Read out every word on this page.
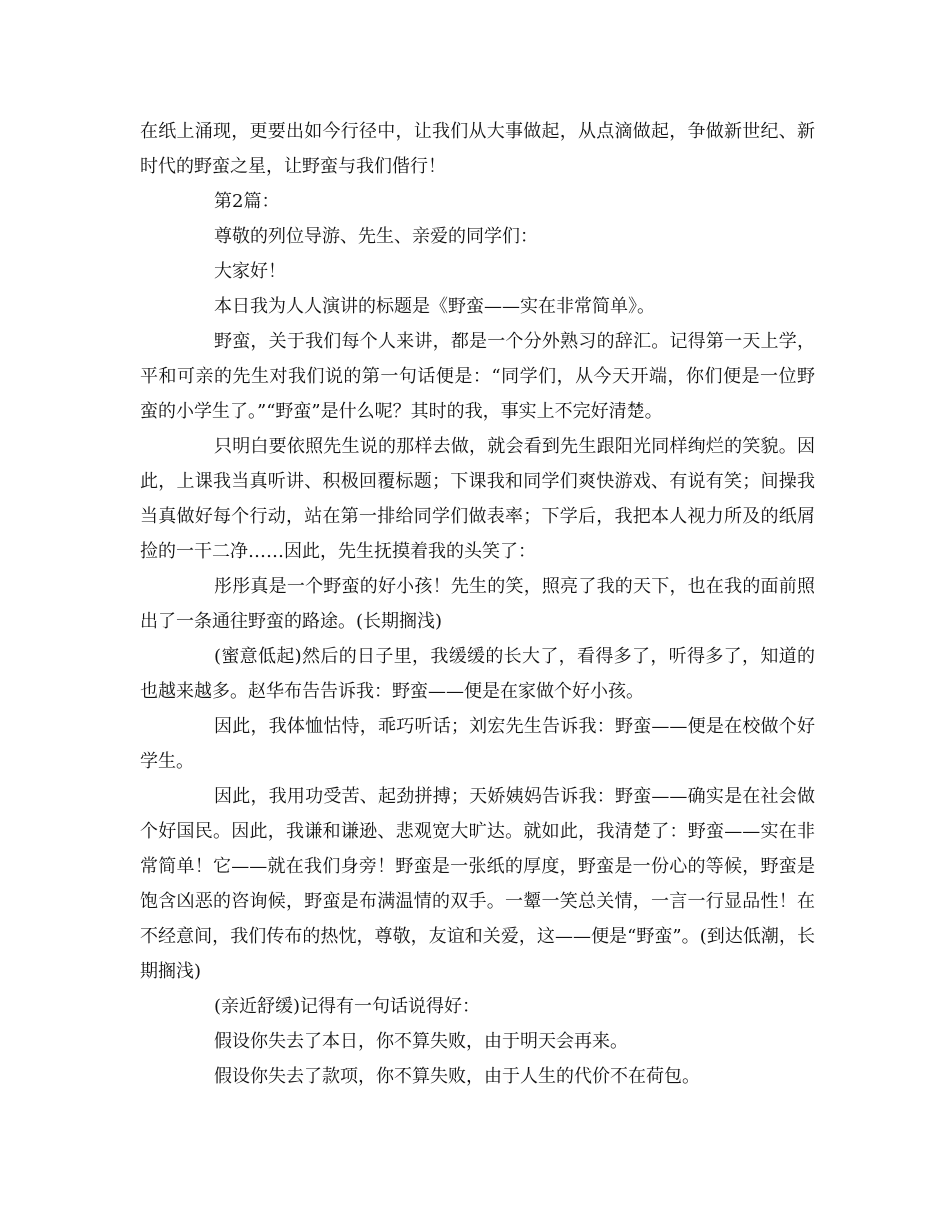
在纸上涌现，更要出如今行径中，让我们从大事做起，从点滴做起，争做新世纪、新时代的野蛮之星，让野蛮与我们偕行！

第2篇：

尊敬的列位导游、先生、亲爱的同学们：

大家好！

本日我为人人演讲的标题是《野蛮——实在非常简单》。

野蛮，关于我们每个人来讲，都是一个分外熟习的辞汇。记得第一天上学，平和可亲的先生对我们说的第一句话便是：“同学们，从今天开端，你们便是一位野蛮的小学生了。”“野蛮”是什么呢？其时的我，事实上不完好清楚。

只明白要依照先生说的那样去做，就会看到先生跟阳光同样绚烂的笑貌。因此，上课我当真听讲、积极回覆标题；下课我和同学们爽快游戏、有说有笑；间操我当真做好每个行动，站在第一排给同学们做表率；下学后，我把本人视力所及的纸屑捡的一干二净……因此，先生抚摸着我的头笑了：

彤彤真是一个野蛮的好小孩！先生的笑，照亮了我的天下，也在我的面前照出了一条通往野蛮的路途。(长期搁浅)

(蜜意低起)然后的日子里，我缓缓的长大了，看得多了，听得多了，知道的也越来越多。赵华布告告诉我：野蛮——便是在家做个好小孩。

因此，我体恤怙恃，乖巧听话；刘宏先生告诉我：野蛮——便是在校做个好学生。

因此，我用功受苦、起劲拼搏；天娇姨妈告诉我：野蛮——确实是在社会做个好国民。因此，我谦和谦逊、悲观宽大旷达。就如此，我清楚了：野蛮——实在非常简单！它——就在我们身旁！野蛮是一张纸的厚度，野蛮是一份心的等候，野蛮是饱含凶恶的咨询候，野蛮是布满温情的双手。一颦一笑总关情，一言一行显品性！在不经意间，我们传布的热忱，尊敬，友谊和关爱，这——便是“野蛮”。(到达低潮，长期搁浅)

(亲近舒缓)记得有一句话说得好：

假设你失去了本日，你不算失败，由于明天会再来。

假设你失去了款项，你不算失败，由于人生的代价不在荷包。
